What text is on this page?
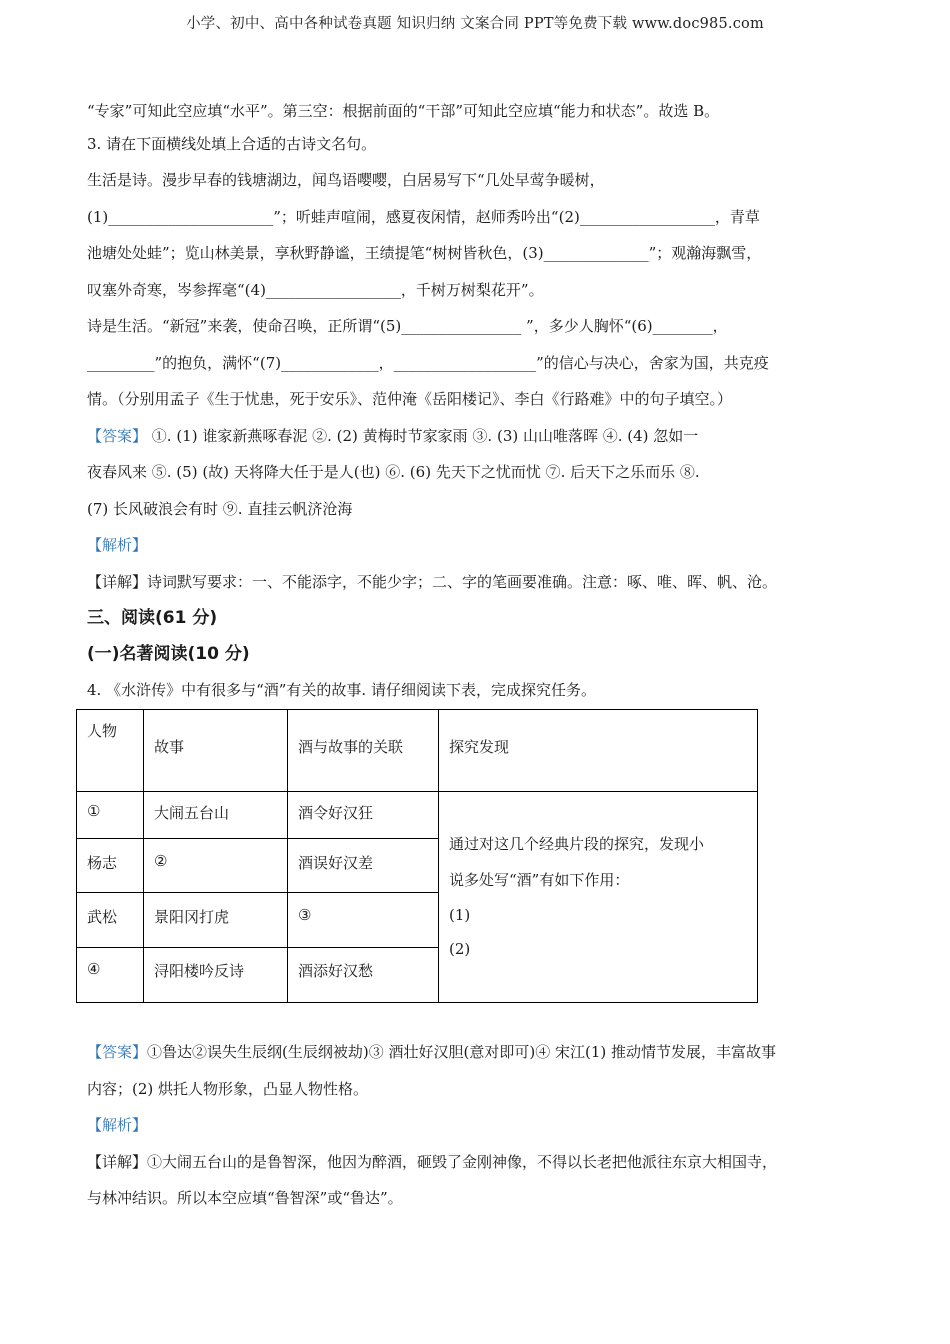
小学、初中、高中各种试卷真题 知识归纳 文案合同 PPT等免费下载 www.doc985.com
“专家”可知此空应填“水平”。第三空：根据前面的“干部”可知此空应填“能力和状态”。故选 B。
3. 请在下面横线处填上合适的古诗文名句。
生活是诗。漫步早春的钱塘湖边，闻鸟语嘤嘤，白居易写下“几处早莺争暖树，
(1)______________________”；听蛙声喧闹，感夏夜闲情，赵师秀吟出“(2)__________________，青草
池塘处处蛙”；览山林美景，享秋野静谧，王绩提笔“树树皆秋色，(3)______________”；观瀚海飘雪，
叹塞外奇寒，岑参挥毫“(4)__________________，千树万树梨花开”。
诗是生活。“新冠”来袭，使命召唤，正所谓“(5)________________ ”，多少人胸怀“(6)________，
_________”的抱负，满怀“(7)_____________，___________________”的信心与决心，舍家为国，共克疫
情。（分别用孟子《生于忧患，死于安乐》、范仲淹《岳阳楼记》、李白《行路难》中的句子填空。）
【答案】 ①. (1) 谁家新燕啄春泥 ②. (2) 黄梅时节家家雨 ③. (3) 山山唯落晖 ④. (4) 忽如一
夜春风来 ⑤. (5) (故) 天将降大任于是人(也) ⑥. (6) 先天下之忧而忧 ⑦. 后天下之乐而乐 ⑧.
(7) 长风破浪会有时 ⑨. 直挂云帆济沧海
【解析】
【详解】诗词默写要求：一、不能添字，不能少字；二、字的笔画要准确。注意：啄、唯、晖、帆、沧。
三、阅读(61 分)
(一)名著阅读(10 分)
4. 《水浒传》中有很多与“酒”有关的故事. 请仔细阅读下表，完成探究任务。
人物	故事	酒与故事的关联	探究发现

①	大闹五台山	酒令好汉狂	通过对这几个经典片段的探究，发现小
说多处写“酒”有如下作用：
(1)
(2)

杨志	②	酒误好汉差	

武松	景阳冈打虎	③	

④	浔阳楼吟反诗	酒添好汉愁	
【答案】①鲁达②误失生辰纲(生辰纲被劫)③ 酒壮好汉胆(意对即可)④ 宋江(1) 推动情节发展，丰富故事
内容；(2) 烘托人物形象，凸显人物性格。
【解析】
【详解】①大闹五台山的是鲁智深，他因为醉酒，砸毁了金刚神像，不得以长老把他派往东京大相国寺，
与林冲结识。所以本空应填“鲁智深”或“鲁达”。
